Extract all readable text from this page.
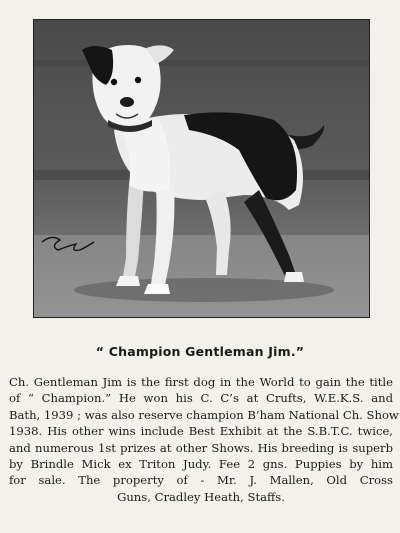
“ Champion Gentleman Jim.”
Ch. Gentleman Jim is the first dog in the World to gain the title
of “ Champion.” He won his C. C’s at Crufts, W.E.K.S. and
Bath, 1939 ; was also reserve champion B’ham National Ch. Show
1938. His other wins include Best Exhibit at the S.B.T.C. twice,
and numerous 1st prizes at other Shows. His breeding is superb
by Brindle Mick ex Triton Judy. Fee 2 gns. Puppies by him
for sale. The property of - Mr. J. Mallen, Old Cross
Guns, Cradley Heath, Staffs.
